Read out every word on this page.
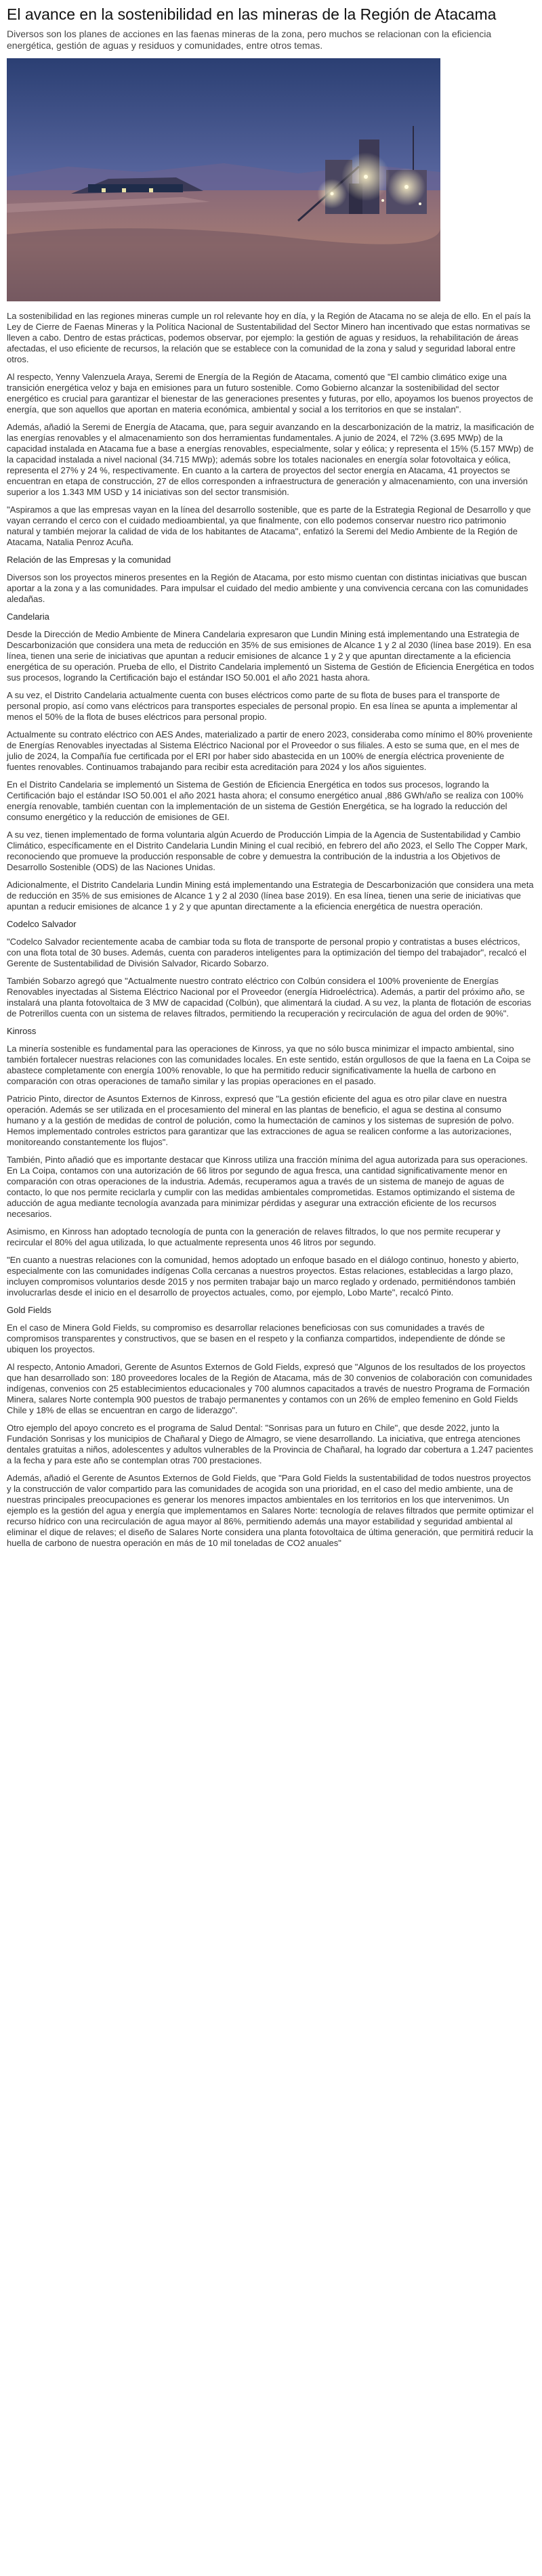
El avance en la sostenibilidad en las mineras de la Región de Atacama

Diversos son los planes de acciones en las faenas mineras de la zona, pero muchos se relacionan con la eficiencia energética, gestión de aguas y residuos y comunidades, entre otros temas.

La sostenibilidad en las regiones mineras cumple un rol relevante hoy en día, y la Región de Atacama no se aleja de ello. En el país la Ley de Cierre de Faenas Mineras y la Política Nacional de Sustentabilidad del Sector Minero han incentivado que estas normativas se lleven a cabo. Dentro de estas prácticas, podemos observar, por ejemplo: la gestión de aguas y residuos, la rehabilitación de áreas afectadas, el uso eficiente de recursos, la relación que se establece con la comunidad de la zona y salud y seguridad laboral entre otros.

Al respecto, Yenny Valenzuela Araya, Seremi de Energía de la Región de Atacama, comentó que "El cambio climático exige una transición energética veloz y baja en emisiones para un futuro sostenible. Como Gobierno alcanzar la sostenibilidad del sector energético es crucial para garantizar el bienestar de las generaciones presentes y futuras, por ello, apoyamos los buenos proyectos de energía, que son aquellos que aportan en materia económica, ambiental y social a los territorios en que se instalan".

Además, añadió la Seremi de Energía de Atacama, que, para seguir avanzando en la descarbonización de la matriz, la masificación de las energías renovables y el almacenamiento son dos herramientas fundamentales. A junio de 2024, el 72% (3.695 MWp) de la capacidad instalada en Atacama fue a base a energías renovables, especialmente, solar y eólica; y representa el 15% (5.157 MWp) de la capacidad instalada a nivel nacional (34.715 MWp); además sobre los totales nacionales en energía solar fotovoltaica y eólica, representa el 27% y 24 %, respectivamente. En cuanto a la cartera de proyectos del sector energía en Atacama, 41 proyectos se encuentran en etapa de construcción, 27 de ellos corresponden a infraestructura de generación y almacenamiento, con una inversión superior a los 1.343 MM USD y 14 iniciativas son del sector transmisión.

"Aspiramos a que las empresas vayan en la línea del desarrollo sostenible, que es parte de la Estrategia Regional de Desarrollo y que vayan cerrando el cerco con el cuidado medioambiental, ya que finalmente, con ello podemos conservar nuestro rico patrimonio natural y también mejorar la calidad de vida de los habitantes de Atacama", enfatizó la Seremi del Medio Ambiente de la Región de Atacama, Natalia Penroz Acuña.

Relación de las Empresas y la comunidad

Diversos son los proyectos mineros presentes en la Región de Atacama, por esto mismo cuentan con distintas iniciativas que buscan aportar a la zona y a las comunidades. Para impulsar el cuidado del medio ambiente y una convivencia cercana con las comunidades aledañas.

Candelaria

Desde la Dirección de Medio Ambiente de Minera Candelaria expresaron que Lundin Mining está implementando una Estrategia de Descarbonización que considera una meta de reducción en 35% de sus emisiones de Alcance 1 y 2 al 2030 (línea base 2019). En esa línea, tienen una serie de iniciativas que apuntan a reducir emisiones de alcance 1 y 2 y que apuntan directamente a la eficiencia energética de su operación. Prueba de ello, el Distrito Candelaria implementó un Sistema de Gestión de Eficiencia Energética en todos sus procesos, logrando la Certificación bajo el estándar ISO 50.001 el año 2021 hasta ahora.

A su vez, el Distrito Candelaria actualmente cuenta con buses eléctricos como parte de su flota de buses para el transporte de personal propio, así como vans eléctricos para transportes especiales de personal propio. En esa línea se apunta a implementar al menos el 50% de la flota de buses eléctricos para personal propio.

Actualmente su contrato eléctrico con AES Andes, materializado a partir de enero 2023, consideraba como mínimo el 80% proveniente de Energías Renovables inyectadas al Sistema Eléctrico Nacional por el Proveedor o sus filiales. A esto se suma que, en el mes de julio de 2024, la Compañía fue certificada por el ERI por haber sido abastecida en un 100% de energía eléctrica proveniente de fuentes renovables. Continuamos trabajando para recibir esta acreditación para 2024 y los años siguientes.

En el Distrito Candelaria se implementó un Sistema de Gestión de Eficiencia Energética en todos sus procesos, logrando la Certificación bajo el estándar ISO 50.001 el año 2021 hasta ahora; el consumo energético anual ,886 GWh/año se realiza con 100% energía renovable, también cuentan con la implementación de un sistema de Gestión Energética, se ha logrado la reducción del consumo energético y la reducción de emisiones de GEI.

A su vez, tienen implementado de forma voluntaria algún Acuerdo de Producción Limpia de la Agencia de Sustentabilidad y Cambio Climático, específicamente en el Distrito Candelaria Lundin Mining el cual recibió, en febrero del año 2023, el Sello The Copper Mark, reconociendo que promueve la producción responsable de cobre y demuestra la contribución de la industria a los Objetivos de Desarrollo Sostenible (ODS) de las Naciones Unidas.

Adicionalmente, el Distrito Candelaria Lundin Mining está implementando una Estrategia de Descarbonización que considera una meta de reducción en 35% de sus emisiones de Alcance 1 y 2 al 2030 (línea base 2019). En esa línea, tienen una serie de iniciativas que apuntan a reducir emisiones de alcance 1 y 2 y que apuntan directamente a la eficiencia energética de nuestra operación.

Codelco Salvador

"Codelco Salvador recientemente acaba de cambiar toda su flota de transporte de personal propio y contratistas a buses eléctricos, con una flota total de 30 buses. Además, cuenta con paraderos inteligentes para la optimización del tiempo del trabajador", recalcó el Gerente de Sustentabilidad de División Salvador, Ricardo Sobarzo.

También Sobarzo agregó que "Actualmente nuestro contrato eléctrico con Colbún considera el 100% proveniente de Energías Renovables inyectadas al Sistema Eléctrico Nacional por el Proveedor (energía Hidroeléctrica). Además, a partir del próximo año, se instalará una planta fotovoltaica de 3 MW de capacidad (Colbún), que alimentará la ciudad. A su vez, la planta de flotación de escorias de Potrerillos cuenta con un sistema de relaves filtrados, permitiendo la recuperación y recirculación de agua del orden de 90%".

Kinross

La minería sostenible es fundamental para las operaciones de Kinross, ya que no sólo busca minimizar el impacto ambiental, sino también fortalecer nuestras relaciones con las comunidades locales. En este sentido, están orgullosos de que la faena en La Coipa se abastece completamente con energía 100% renovable, lo que ha permitido reducir significativamente la huella de carbono en comparación con otras operaciones de tamaño similar y las propias operaciones en el pasado.

Patricio Pinto, director de Asuntos Externos de Kinross, expresó que "La gestión eficiente del agua es otro pilar clave en nuestra operación. Además se ser utilizada en el procesamiento del mineral en las plantas de beneficio, el agua se destina al consumo humano y a la gestión de medidas de control de polución, como la humectación de caminos y los sistemas de supresión de polvo. Hemos implementado controles estrictos para garantizar que las extracciones de agua se realicen conforme a las autorizaciones, monitoreando constantemente los flujos".

También, Pinto añadió que es importante destacar que Kinross utiliza una fracción mínima del agua autorizada para sus operaciones. En La Coipa, contamos con una autorización de 66 litros por segundo de agua fresca, una cantidad significativamente menor en comparación con otras operaciones de la industria. Además, recuperamos agua a través de un sistema de manejo de aguas de contacto, lo que nos permite reciclarla y cumplir con las medidas ambientales comprometidas. Estamos optimizando el sistema de aducción de agua mediante tecnología avanzada para minimizar pérdidas y asegurar una extracción eficiente de los recursos necesarios.

Asimismo, en Kinross han adoptado tecnología de punta con la generación de relaves filtrados, lo que nos permite recuperar y recircular el 80% del agua utilizada, lo que actualmente representa unos 46 litros por segundo.

"En cuanto a nuestras relaciones con la comunidad, hemos adoptado un enfoque basado en el diálogo continuo, honesto y abierto, especialmente con las comunidades indígenas Colla cercanas a nuestros proyectos. Estas relaciones, establecidas a largo plazo, incluyen compromisos voluntarios desde 2015 y nos permiten trabajar bajo un marco reglado y ordenado, permitiéndonos también involucrarlas desde el inicio en el desarrollo de proyectos actuales, como, por ejemplo, Lobo Marte", recalcó Pinto.

Gold Fields

En el caso de Minera Gold Fields, su compromiso es desarrollar relaciones beneficiosas con sus comunidades a través de compromisos transparentes y constructivos, que se basen en el respeto y la confianza compartidos, independiente de dónde se ubiquen los proyectos.

Al respecto, Antonio Amadori, Gerente de Asuntos Externos de Gold Fields, expresó que "Algunos de los resultados de los proyectos que han desarrollado son: 180 proveedores locales de la Región de Atacama, más de 30 convenios de colaboración con comunidades indígenas, convenios con 25 establecimientos educacionales y 700 alumnos capacitados a través de nuestro Programa de Formación Minera, salares Norte contempla 900 puestos de trabajo permanentes y contamos con un 26% de empleo femenino en Gold Fields Chile y 18% de ellas se encuentran en cargo de liderazgo".

Otro ejemplo del apoyo concreto es el programa de Salud Dental: "Sonrisas para un futuro en Chile", que desde 2022, junto la Fundación Sonrisas y los municipios de Chañaral y Diego de Almagro, se viene desarrollando. La iniciativa, que entrega atenciones dentales gratuitas a niños, adolescentes y adultos vulnerables de la Provincia de Chañaral, ha logrado dar cobertura a 1.247 pacientes a la fecha y para este año se contemplan otras 700 prestaciones.

Además, añadió el Gerente de Asuntos Externos de Gold Fields, que "Para Gold Fields la sustentabilidad de todos nuestros proyectos y la construcción de valor compartido para las comunidades de acogida son una prioridad, en el caso del medio ambiente, una de nuestras principales preocupaciones es generar los menores impactos ambientales en los territorios en los que intervenimos. Un ejemplo es la gestión del agua y energía que implementamos en Salares Norte: tecnología de relaves filtrados que permite optimizar el recurso hídrico con una recirculación de agua mayor al 86%, permitiendo además una mayor estabilidad y seguridad ambiental al eliminar el dique de relaves; el diseño de Salares Norte considera una planta fotovoltaica de última generación, que permitirá reducir la huella de carbono de nuestra operación en más de 10 mil toneladas de CO2 anuales"
